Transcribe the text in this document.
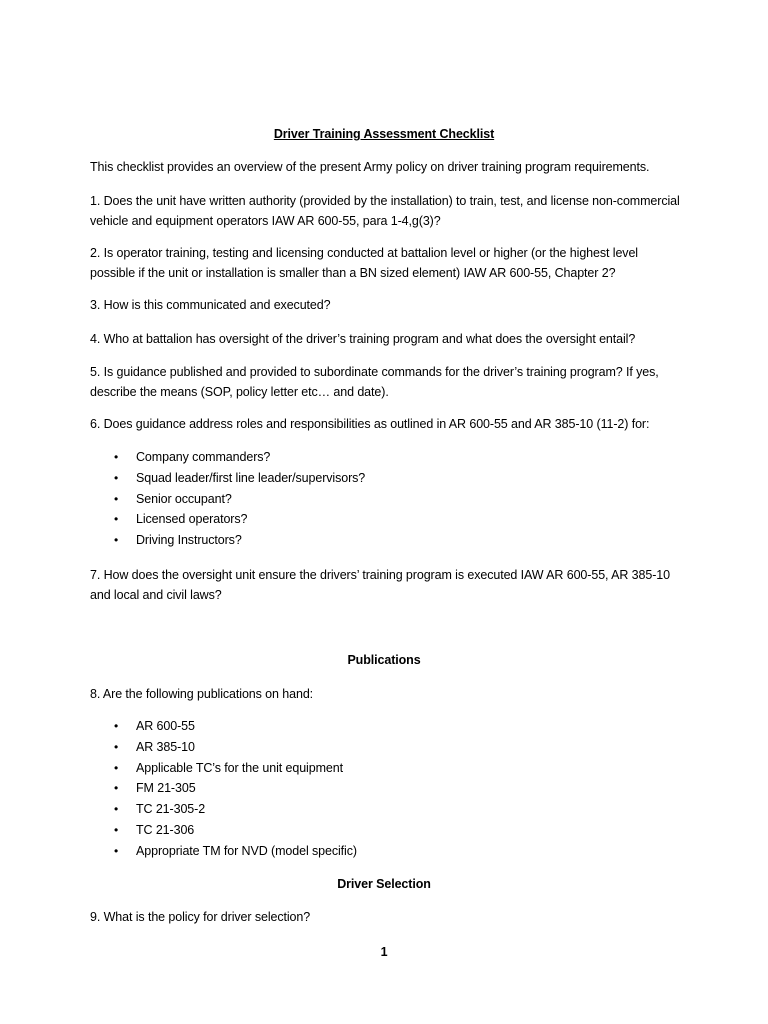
Driver Training Assessment Checklist

This checklist provides an overview of the present Army policy on driver training program requirements.

1. Does the unit have written authority (provided by the installation) to train, test, and license non-commercial vehicle and equipment operators IAW AR 600-55, para 1-4,g(3)?

2. Is operator training, testing and licensing conducted at battalion level or higher (or the highest level possible if the unit or installation is smaller than a BN sized element) IAW AR 600-55, Chapter 2?

3. How is this communicated and executed?

4. Who at battalion has oversight of the driver’s training program and what does the oversight entail?

5. Is guidance published and provided to subordinate commands for the driver’s training program? If yes, describe the means (SOP, policy letter etc… and date).

6. Does guidance address roles and responsibilities as outlined in AR 600-55 and AR 385-10 (11-2) for:

• Company commanders?
• Squad leader/first line leader/supervisors?
• Senior occupant?
• Licensed operators?
• Driving Instructors?

7. How does the oversight unit ensure the drivers’ training program is executed IAW AR 600-55, AR 385-10 and local and civil laws?

Publications

8. Are the following publications on hand:

• AR 600-55
• AR 385-10
• Applicable TC’s for the unit equipment
• FM 21-305
• TC 21-305-2
• TC 21-306
• Appropriate TM for NVD (model specific)

Driver Selection

9. What is the policy for driver selection?

1
